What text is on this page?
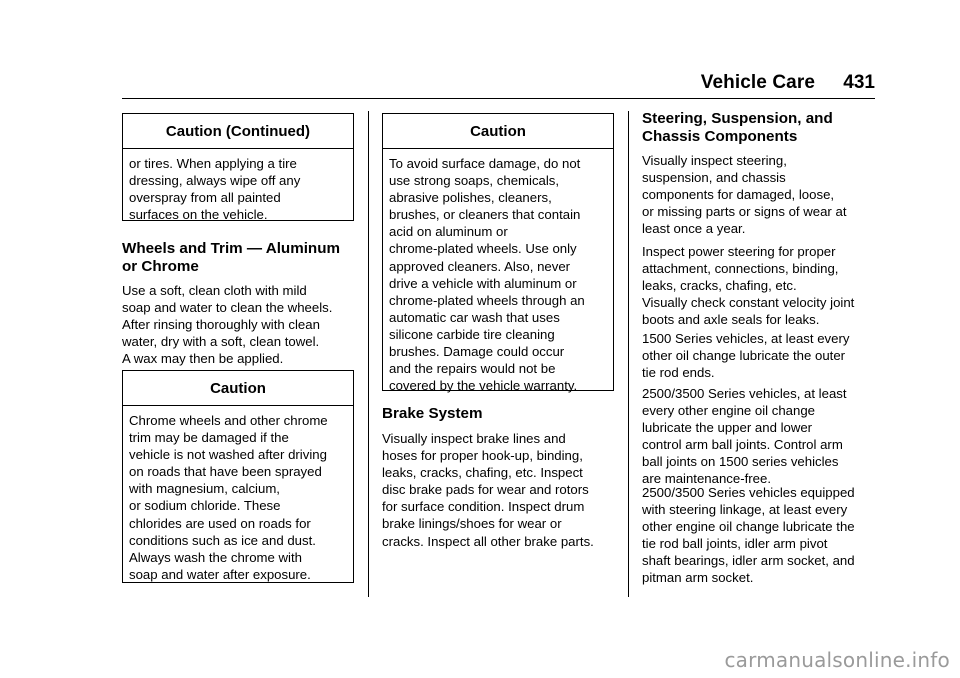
Vehicle Care 431
Caution (Continued)
or tires. When applying a tire
dressing, always wipe off any
overspray from all painted
surfaces on the vehicle.
Wheels and Trim — Aluminum
or Chrome
Use a soft, clean cloth with mild
soap and water to clean the wheels.
After rinsing thoroughly with clean
water, dry with a soft, clean towel.
A wax may then be applied.
Caution
Chrome wheels and other chrome
trim may be damaged if the
vehicle is not washed after driving
on roads that have been sprayed
with magnesium, calcium,
or sodium chloride. These
chlorides are used on roads for
conditions such as ice and dust.
Always wash the chrome with
soap and water after exposure.
Caution
To avoid surface damage, do not
use strong soaps, chemicals,
abrasive polishes, cleaners,
brushes, or cleaners that contain
acid on aluminum or
chrome-plated wheels. Use only
approved cleaners. Also, never
drive a vehicle with aluminum or
chrome-plated wheels through an
automatic car wash that uses
silicone carbide tire cleaning
brushes. Damage could occur
and the repairs would not be
covered by the vehicle warranty.
Brake System
Visually inspect brake lines and
hoses for proper hook-up, binding,
leaks, cracks, chafing, etc. Inspect
disc brake pads for wear and rotors
for surface condition. Inspect drum
brake linings/shoes for wear or
cracks. Inspect all other brake parts.
Steering, Suspension, and
Chassis Components
Visually inspect steering,
suspension, and chassis
components for damaged, loose,
or missing parts or signs of wear at
least once a year.
Inspect power steering for proper
attachment, connections, binding,
leaks, cracks, chafing, etc.
Visually check constant velocity joint
boots and axle seals for leaks.
1500 Series vehicles, at least every
other oil change lubricate the outer
tie rod ends.
2500/3500 Series vehicles, at least
every other engine oil change
lubricate the upper and lower
control arm ball joints. Control arm
ball joints on 1500 series vehicles
are maintenance-free.
2500/3500 Series vehicles equipped
with steering linkage, at least every
other engine oil change lubricate the
tie rod ball joints, idler arm pivot
shaft bearings, idler arm socket, and
pitman arm socket.
carmanualsonline.info
